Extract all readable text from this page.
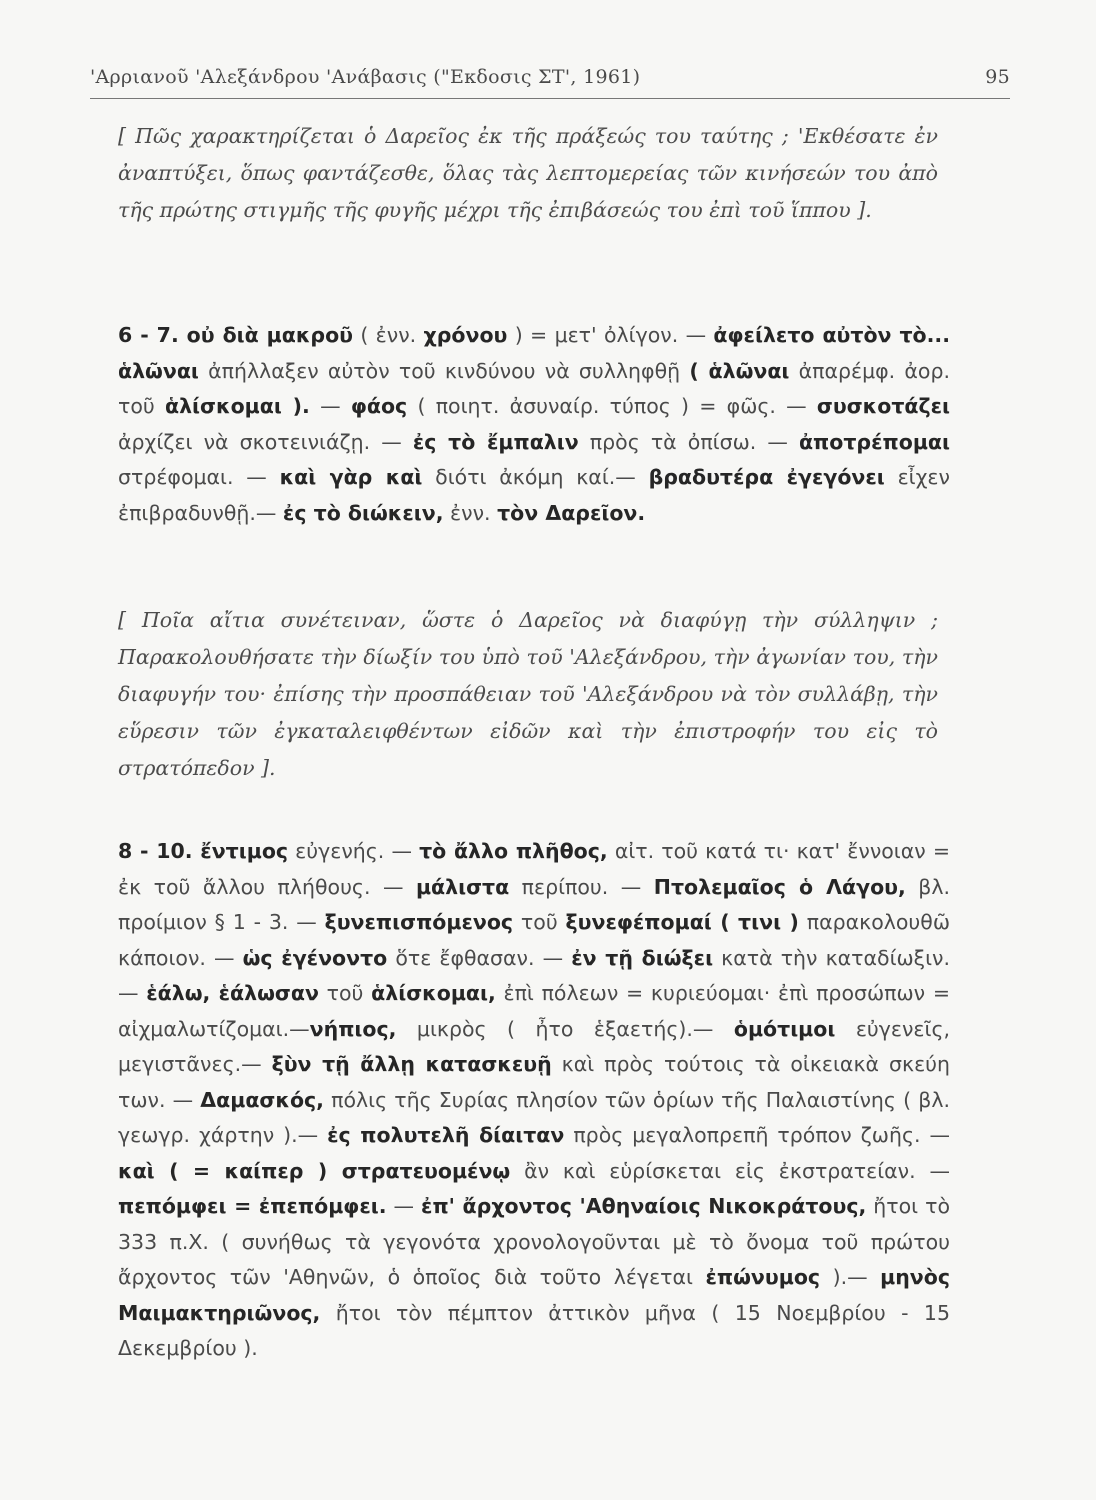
'Αρριανοῦ 'Αλεξάνδρου 'Ανάβασις ("Εκδοσις ΣΤ', 1961)	95
[ Πῶς χαρακτηρίζεται ὁ Δαρεῖος ἐκ τῆς πράξεώς του ταύτης ; 'Εκθέσατε ἐν ἀναπτύξει, ὅπως φαντάζεσθε, ὅλας τὰς λεπτομερείας τῶν κινήσεών του ἀπὸ τῆς πρώτης στιγμῆς τῆς φυγῆς μέχρι τῆς ἐπιβάσεώς του ἐπὶ τοῦ ἵππου ].
6 - 7. οὐ διὰ μακροῦ ( ἐνν. χρόνου ) = μετ' ὀλίγον. — ἀφείλετο αὐτὸν τὸ... ἁλῶναι ἀπήλλαξεν αὐτὸν τοῦ κινδύνου νὰ συλληφθῇ ( ἁλῶναι ἀπαρέμφ. ἀορ. τοῦ ἁλίσκομαι ). — φάος ( ποιητ. ἀσυναίρ. τύπος ) = φῶς. — συσκοτάζει ἀρχίζει νὰ σκοτεινιάζῃ. — ἐς τὸ ἔμπαλιν πρὸς τὰ ὀπίσω. — ἀποτρέπομαι στρέφομαι. — καὶ γὰρ καὶ διότι ἀκόμη καί.— βραδυτέρα ἐγεγόνει εἶχεν ἐπιβραδυνθῇ.— ἐς τὸ διώκειν, ἐνν. τὸν Δαρεῖον.
[ Ποῖα αἴτια συνέτειναν, ὥστε ὁ Δαρεῖος νὰ διαφύγῃ τὴν σύλληψιν ; Παρακολουθήσατε τὴν δίωξίν του ὑπὸ τοῦ 'Αλεξάνδρου, τὴν ἀγωνίαν του, τὴν διαφυγήν του· ἐπίσης τὴν προσπάθειαν τοῦ 'Αλεξάνδρου νὰ τὸν συλλάβῃ, τὴν εὕρεσιν τῶν ἐγκαταλειφθέντων εἰδῶν καὶ τὴν ἐπιστροφήν του εἰς τὸ στρατόπεδον ].
8 - 10. ἔντιμος εὐγενής. — τὸ ἄλλο πλῆθος, αἰτ. τοῦ κατά τι· κατ' ἔννοιαν = ἐκ τοῦ ἄλλου πλήθους. — μάλιστα περίπου. — Πτολεμαῖος ὁ Λάγου, βλ. προίμιον § 1 - 3. — ξυνεπισπόμενος τοῦ ξυνεφέπομαί ( τινι ) παρακολουθῶ κάποιον. — ὡς ἐγένοντο ὅτε ἔφθασαν. — ἐν τῇ διώξει κατὰ τὴν καταδίωξιν. — ἑάλω, ἑάλωσαν τοῦ ἁλίσκομαι, ἐπὶ πόλεων = κυριεύομαι· ἐπὶ προσώπων = αἰχμαλωτίζομαι.—νήπιος, μικρὸς ( ἦτο ἑξαετής).— ὁμότιμοι εὐγενεῖς, μεγιστᾶνες.— ξὺν τῇ ἄλλῃ κατασκευῇ καὶ πρὸς τούτοις τὰ οἰκειακὰ σκεύη των. — Δαμασκός, πόλις τῆς Συρίας πλησίον τῶν ὁρίων τῆς Παλαιστίνης ( βλ. γεωγρ. χάρτην ).— ἐς πολυτελῆ δίαιταν πρὸς μεγαλοπρεπῆ τρόπον ζωῆς. — καὶ ( = καίπερ ) στρατευομένῳ ἂν καὶ εὑρίσκεται εἰς ἐκστρατείαν. — πεπόμφει = ἐπεπόμφει. — ἐπ' ἄρχοντος 'Αθηναίοις Νικοκράτους, ἤτοι τὸ 333 π.Χ. ( συνήθως τὰ γεγονότα χρονολογοῦνται μὲ τὸ ὄνομα τοῦ πρώτου ἄρχοντος τῶν 'Αθηνῶν, ὁ ὁποῖος διὰ τοῦτο λέγεται ἐπώνυμος ).— μηνὸς Μαιμακτηριῶνος, ἤτοι τὸν πέμπτον ἀττικὸν μῆνα ( 15 Νοεμβρίου - 15 Δεκεμβρίου ).
